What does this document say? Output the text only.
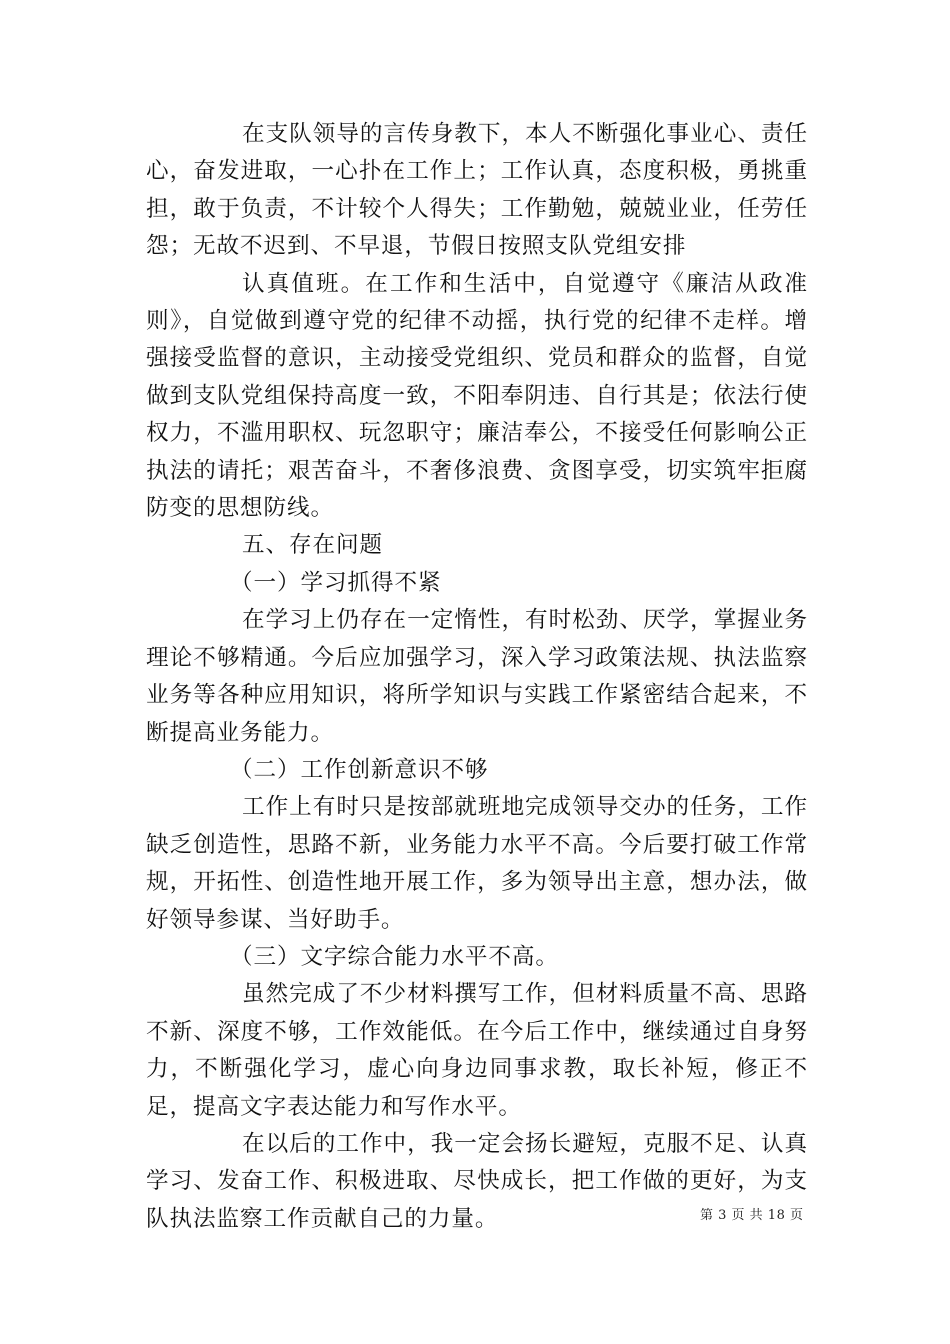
在支队领导的言传身教下，本人不断强化事业心、责任心，奋发进取，一心扑在工作上；工作认真，态度积极，勇挑重担，敢于负责，不计较个人得失；工作勤勉，兢兢业业，任劳任怨；无故不迟到、不早退，节假日按照支队党组安排

认真值班。在工作和生活中，自觉遵守《廉洁从政准则》，自觉做到遵守党的纪律不动摇，执行党的纪律不走样。增强接受监督的意识，主动接受党组织、党员和群众的监督，自觉做到支队党组保持高度一致，不阳奉阴违、自行其是；依法行使权力，不滥用职权、玩忽职守；廉洁奉公，不接受任何影响公正执法的请托；艰苦奋斗，不奢侈浪费、贪图享受，切实筑牢拒腐防变的思想防线。

五、存在问题

（一）学习抓得不紧

在学习上仍存在一定惰性，有时松劲、厌学，掌握业务理论不够精通。今后应加强学习，深入学习政策法规、执法监察业务等各种应用知识，将所学知识与实践工作紧密结合起来，不断提高业务能力。

（二）工作创新意识不够

工作上有时只是按部就班地完成领导交办的任务，工作缺乏创造性，思路不新，业务能力水平不高。今后要打破工作常规，开拓性、创造性地开展工作，多为领导出主意，想办法，做好领导参谋、当好助手。

（三）文字综合能力水平不高。

虽然完成了不少材料撰写工作，但材料质量不高、思路不新、深度不够，工作效能低。在今后工作中，继续通过自身努力，不断强化学习，虚心向身边同事求教，取长补短，修正不足，提高文字表达能力和写作水平。

在以后的工作中，我一定会扬长避短，克服不足、认真学习、发奋工作、积极进取、尽快成长，把工作做的更好，为支队执法监察工作贡献自己的力量。	第 3 页 共 18 页
